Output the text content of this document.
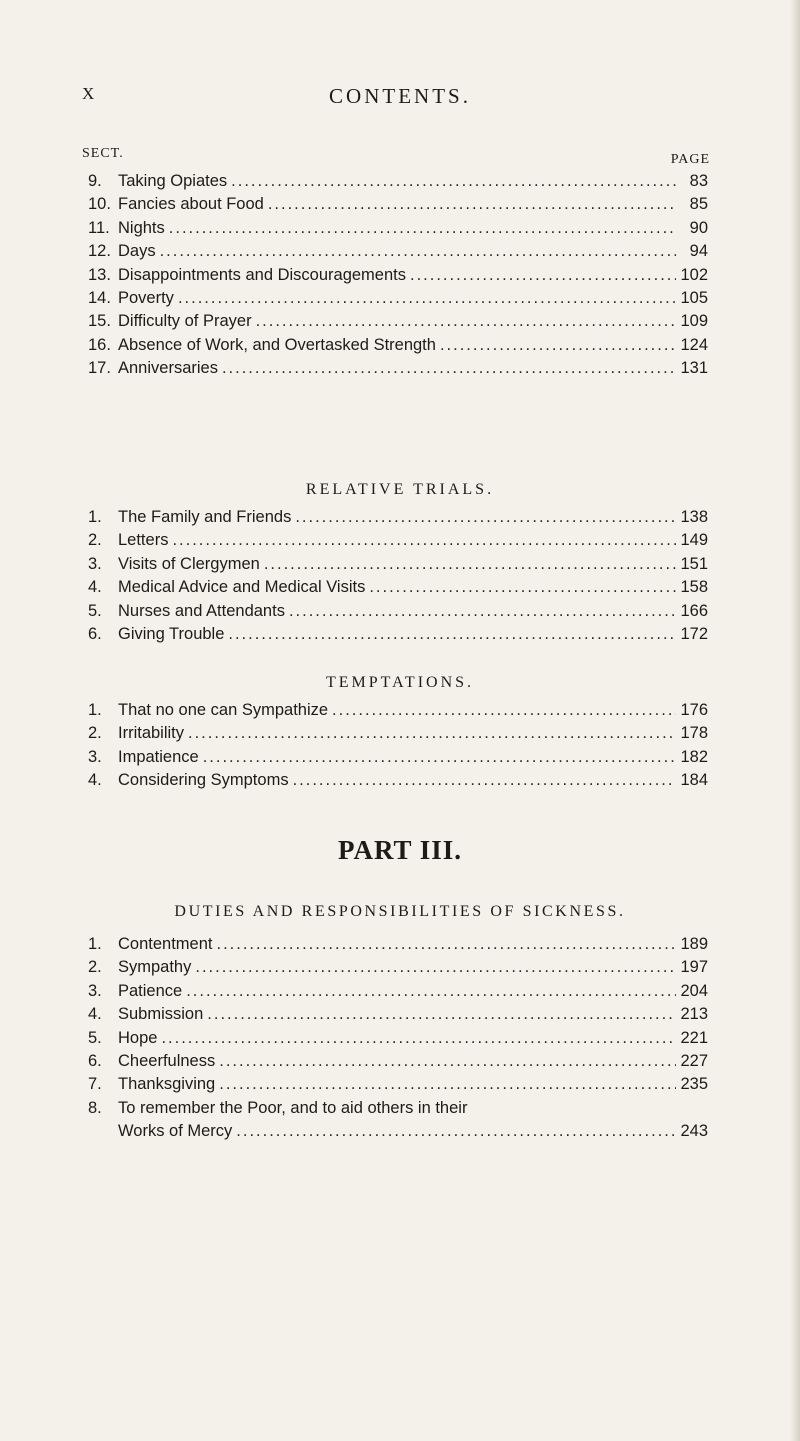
X	CONTENTS.
SECT.	PAGE
9. Taking Opiates .....	83
10. Fancies about Food .....	85
11. Nights .....	90
12. Days .....	94
13. Disappointments and Discouragements .....	102
14. Poverty .....	105
15. Difficulty of Prayer .....	109
16. Absence of Work, and Overtasked Strength .....	124
17. Anniversaries .....	131
RELATIVE TRIALS.
1. The Family and Friends .....	138
2. Letters .....	149
3. Visits of Clergymen .....	151
4. Medical Advice and Medical Visits .....	158
5. Nurses and Attendants .....	166
6. Giving Trouble .....	172
TEMPTATIONS.
1. That no one can Sympathize .....	176
2. Irritability .....	178
3. Impatience .....	182
4. Considering Symptoms .....	184
PART III.
DUTIES AND RESPONSIBILITIES OF SICKNESS.
1. Contentment .....	189
2. Sympathy .....	197
3. Patience .....	204
4. Submission .....	213
5. Hope .....	221
6. Cheerfulness .....	227
7. Thanksgiving .....	235
8. To remember the Poor, and to aid others in their
Works of Mercy .....	243
